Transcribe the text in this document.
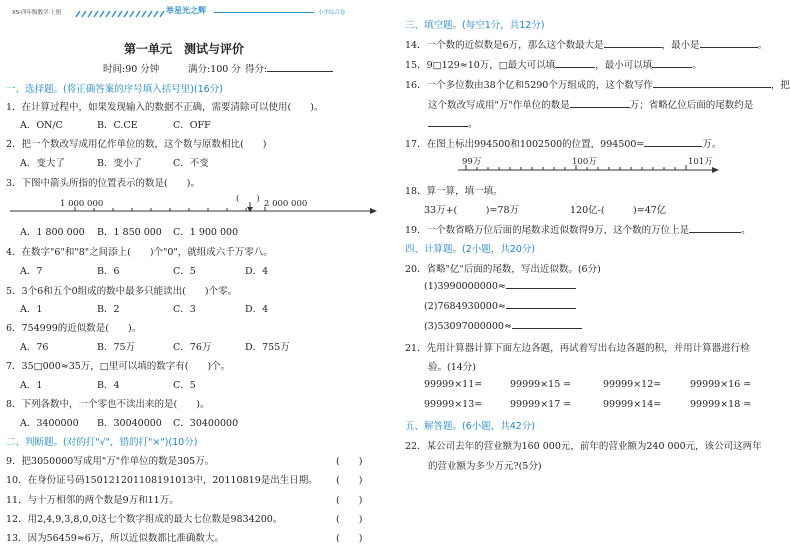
XS·四年级数学·上册	举星光之辉	小学综合卷
第一单元　测试与评价
时间:90 分钟	满分:100 分 得分:
一、选择题。(将正确答案的序号填入括号里)(16分)
1．在计算过程中，如果发现输入的数据不正确，需要清除可以使用(　　)。
A．ON/C	B．C.CE	C．OFF
2．把一个数改写成用亿作单位的数，这个数与原数相比(　　)
A．变大了	B．变小了	C．不变
3．下图中箭头所指的位置表示的数是(　　)。
1 000 000	(　　) 2 000 000
A．1 800 000 B．1 850 000 C．1 900 000
4．在数字"6"和"8"之间添上(　　)个"0"，就组成六千万零八。
A．7	B．6	C．5	D．4
5．3个6和五个0组成的数中最多只能读出(　　)个零。
A．1	B．2	C．3	D．4
6．754999的近似数是(　　)。
A．76	B．75万	C．76万	D．755万
7．35□000≈35万，□里可以填的数字有(　　)个。
A．1	B．4	C．5
8．下列各数中，一个零也不读出来的是(　　)。
A．3400000 B．30040000 C．30400000
二、判断题。(对的打"√"，错的打"×")(10分)
9．把3050000写成用"万"作单位的数是305万。
10．在身份证号码150121201108191013中，20110819是出生日期。
11．与十万相邻的两个数是9万和11万。
12．用2,4,9,3,8,0,0这七个数字组成的最大七位数是9834200。
13．因为56459≈6万，所以近似数都比准确数大。
(　　)
(　　)
(　　)
(　　)
(　　)
三、填空题。(每空1分，共12分)
14．一个数的近似数是6万，那么这个数最大是	，最小是	。
15．9□129≈10万，□最大可以填	，最小可以填	。
16．一个多位数由38个亿和5290个万组成的，这个数写作	，把
这个数改写成用"万"作单位的数是	万；省略亿位后面的尾数约是
。
17．在图上标出994500和1002500的位置，994500=	万。
99万	100万	101万
18．算一算，填一填。
33万+(　　　)=78万	120亿-(　　　)=47亿
19．一个数省略万位后面的尾数求近似数得9万，这个数的万位上是	。
四、计算题。(2小题，共20分)
20．省略"亿"后面的尾数，写出近似数。(6分)
(1)3990000000≈
(2)7684930000≈
(3)53097000000≈
21．先用计算器计算下面左边各题，再试着写出右边各题的积，并用计算器进行检
验。(14分)
99999×11=	99999×15 =	99999×12=	99999×16 =
99999×13=	99999×17 =	99999×14=	99999×18 =
五、解答题。(6小题，共42分)
22．某公司去年的营业额为160 000元，前年的营业额为240 000元，该公司这两年
的营业额为多少万元?(5分)
